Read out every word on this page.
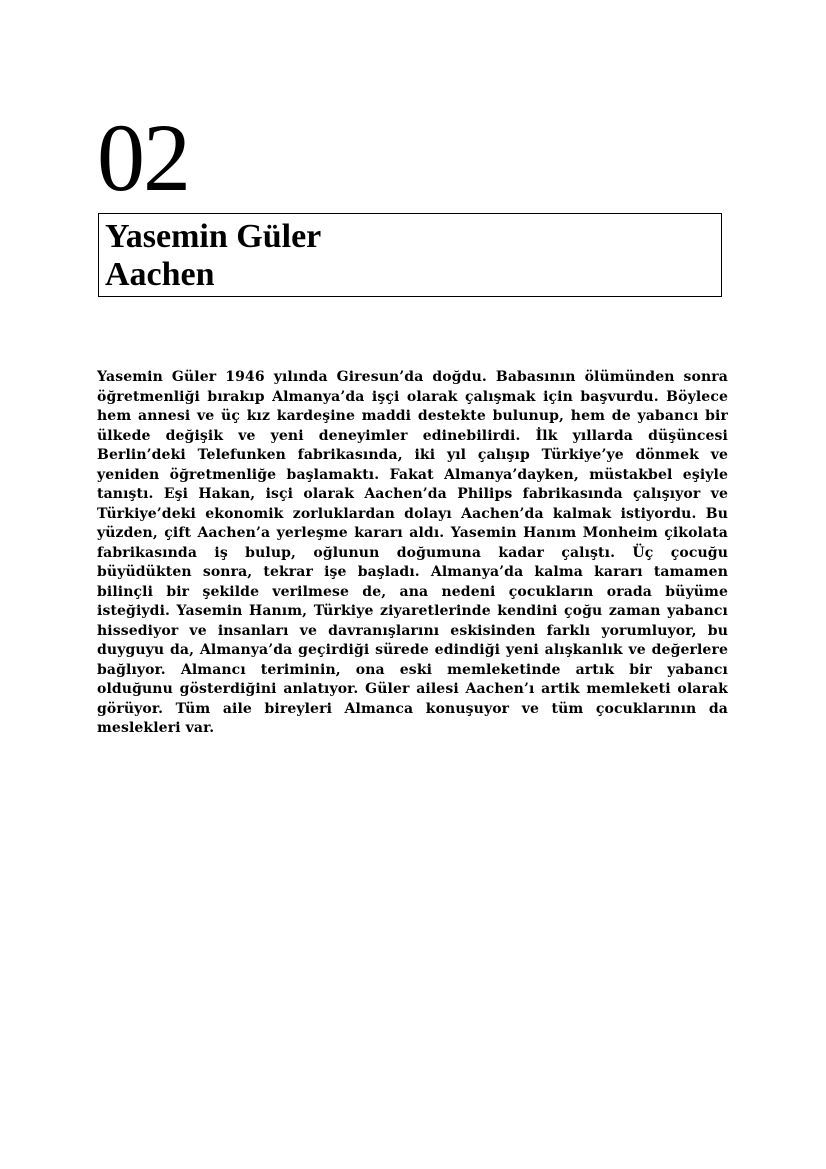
02
Yasemin Güler
Aachen

Yasemin Güler 1946 yılında Giresun’da doğdu. Babasının ölümünden sonra öğretmenliği bırakıp Almanya’da işçi olarak çalışmak için başvurdu. Böylece hem annesi ve üç kız kardeşine maddi destekte bulunup, hem de yabancı bir ülkede değişik ve yeni deneyimler edinebilirdi. İlk yıllarda düşüncesi Berlin’deki Telefunken fabrikasında, iki yıl çalışıp Türkiye’ye dönmek ve yeniden öğretmenliğe başlamaktı. Fakat Almanya’dayken, müstakbel eşiyle tanıştı. Eşi Hakan, isçi olarak Aachen’da Philips fabrikasında çalışıyor ve Türkiye’deki ekonomik zorluklardan dolayı Aachen’da kalmak istiyordu. Bu yüzden, çift Aachen’a yerleşme kararı aldı. Yasemin Hanım Monheim çikolata fabrikasında iş bulup, oğlunun doğumuna kadar çalıştı. Üç çocuğu büyüdükten sonra, tekrar işe başladı. Almanya’da kalma kararı tamamen bilinçli bir şekilde verilmese de, ana nedeni çocukların orada büyüme isteğiydi. Yasemin Hanım, Türkiye ziyaretlerinde kendini çoğu zaman yabancı hissediyor ve insanları ve davranışlarını eskisinden farklı yorumluyor, bu duyguyu da, Almanya’da geçirdiği sürede edindiği yeni alışkanlık ve değerlere bağlıyor. Almancı teriminin, ona eski memleketinde artık bir yabancı olduğunu gösterdiğini anlatıyor. Güler ailesi Aachen’ı artik memleketi olarak görüyor. Tüm aile bireyleri Almanca konuşuyor ve tüm çocuklarının da meslekleri var.
